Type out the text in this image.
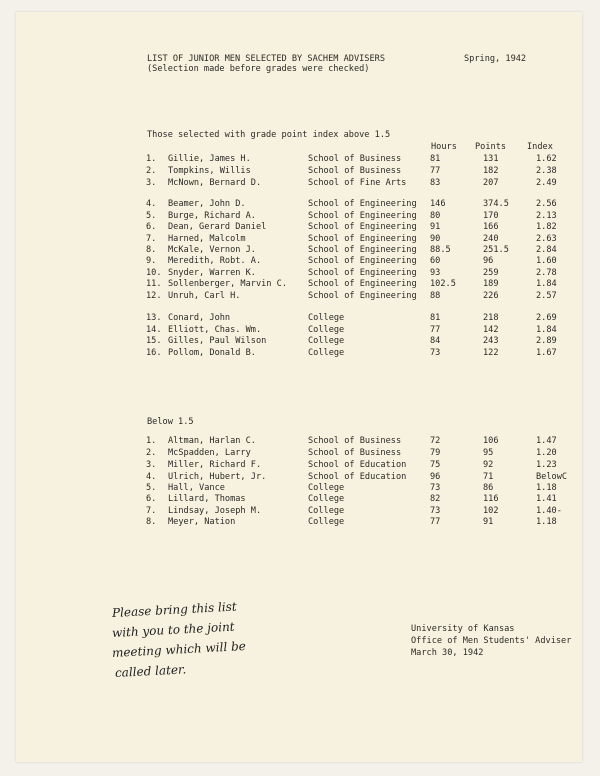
LIST OF JUNIOR MEN SELECTED BY SACHEM ADVISERS
(Selection made before grades were checked)
Spring, 1942
Those selected with grade point index above 1.5
Hours Points Index
1.	Gillie, James H.	School of Business	81	131	1.62
2.	Tompkins, Willis	School of Business	77	182	2.38
3.	McNown, Bernard D.	School of Fine Arts	83	207	2.49
4.	Beamer, John D.	School of Engineering 146	374.5	2.56
5.	Burge, Richard A.	School of Engineering 80	170	2.13
6.	Dean, Gerard Daniel	School of Engineering 91	166	1.82
7.	Harned, Malcolm	School of Engineering 90	240	2.63
8.	McKale, Vernon J.	School of Engineering 88.5	251.5	2.84
9.	Meredith, Robt. A.	School of Engineering 60	96	1.60
10. Snyder, Warren K.	School of Engineering 93	259	2.78
11. Sollenberger, Marvin C. School of Engineering 102.5	189	1.84
12. Unruh, Carl H.	School of Engineering 88	226	2.57
13. Conard, John	College	81	218	2.69
14. Elliott, Chas. Wm.	College	77	142	1.84
15. Gilles, Paul Wilson	College	84	243	2.89
16. Pollom, Donald B.	College	73	122	1.67
Below 1.5
1.	Altman, Harlan C.	School of Business	72	106	1.47
2.	McSpadden, Larry	School of Business	79	95	1.20
3.	Miller, Richard F.	School of Education	75	92	1.23
4.	Ulrich, Hubert, Jr.	School of Education	96	71	BelowC
5.	Hall, Vance	College	73	86	1.18
6.	Lillard, Thomas	College	82	116	1.41
7.	Lindsay, Joseph M.	College	73	102	1.40-
8.	Meyer, Nation	College	77	91	1.18
Please bring this list
with you to the joint
meeting which will be
called later.
University of Kansas
Office of Men Students' Adviser
March 30, 1942
